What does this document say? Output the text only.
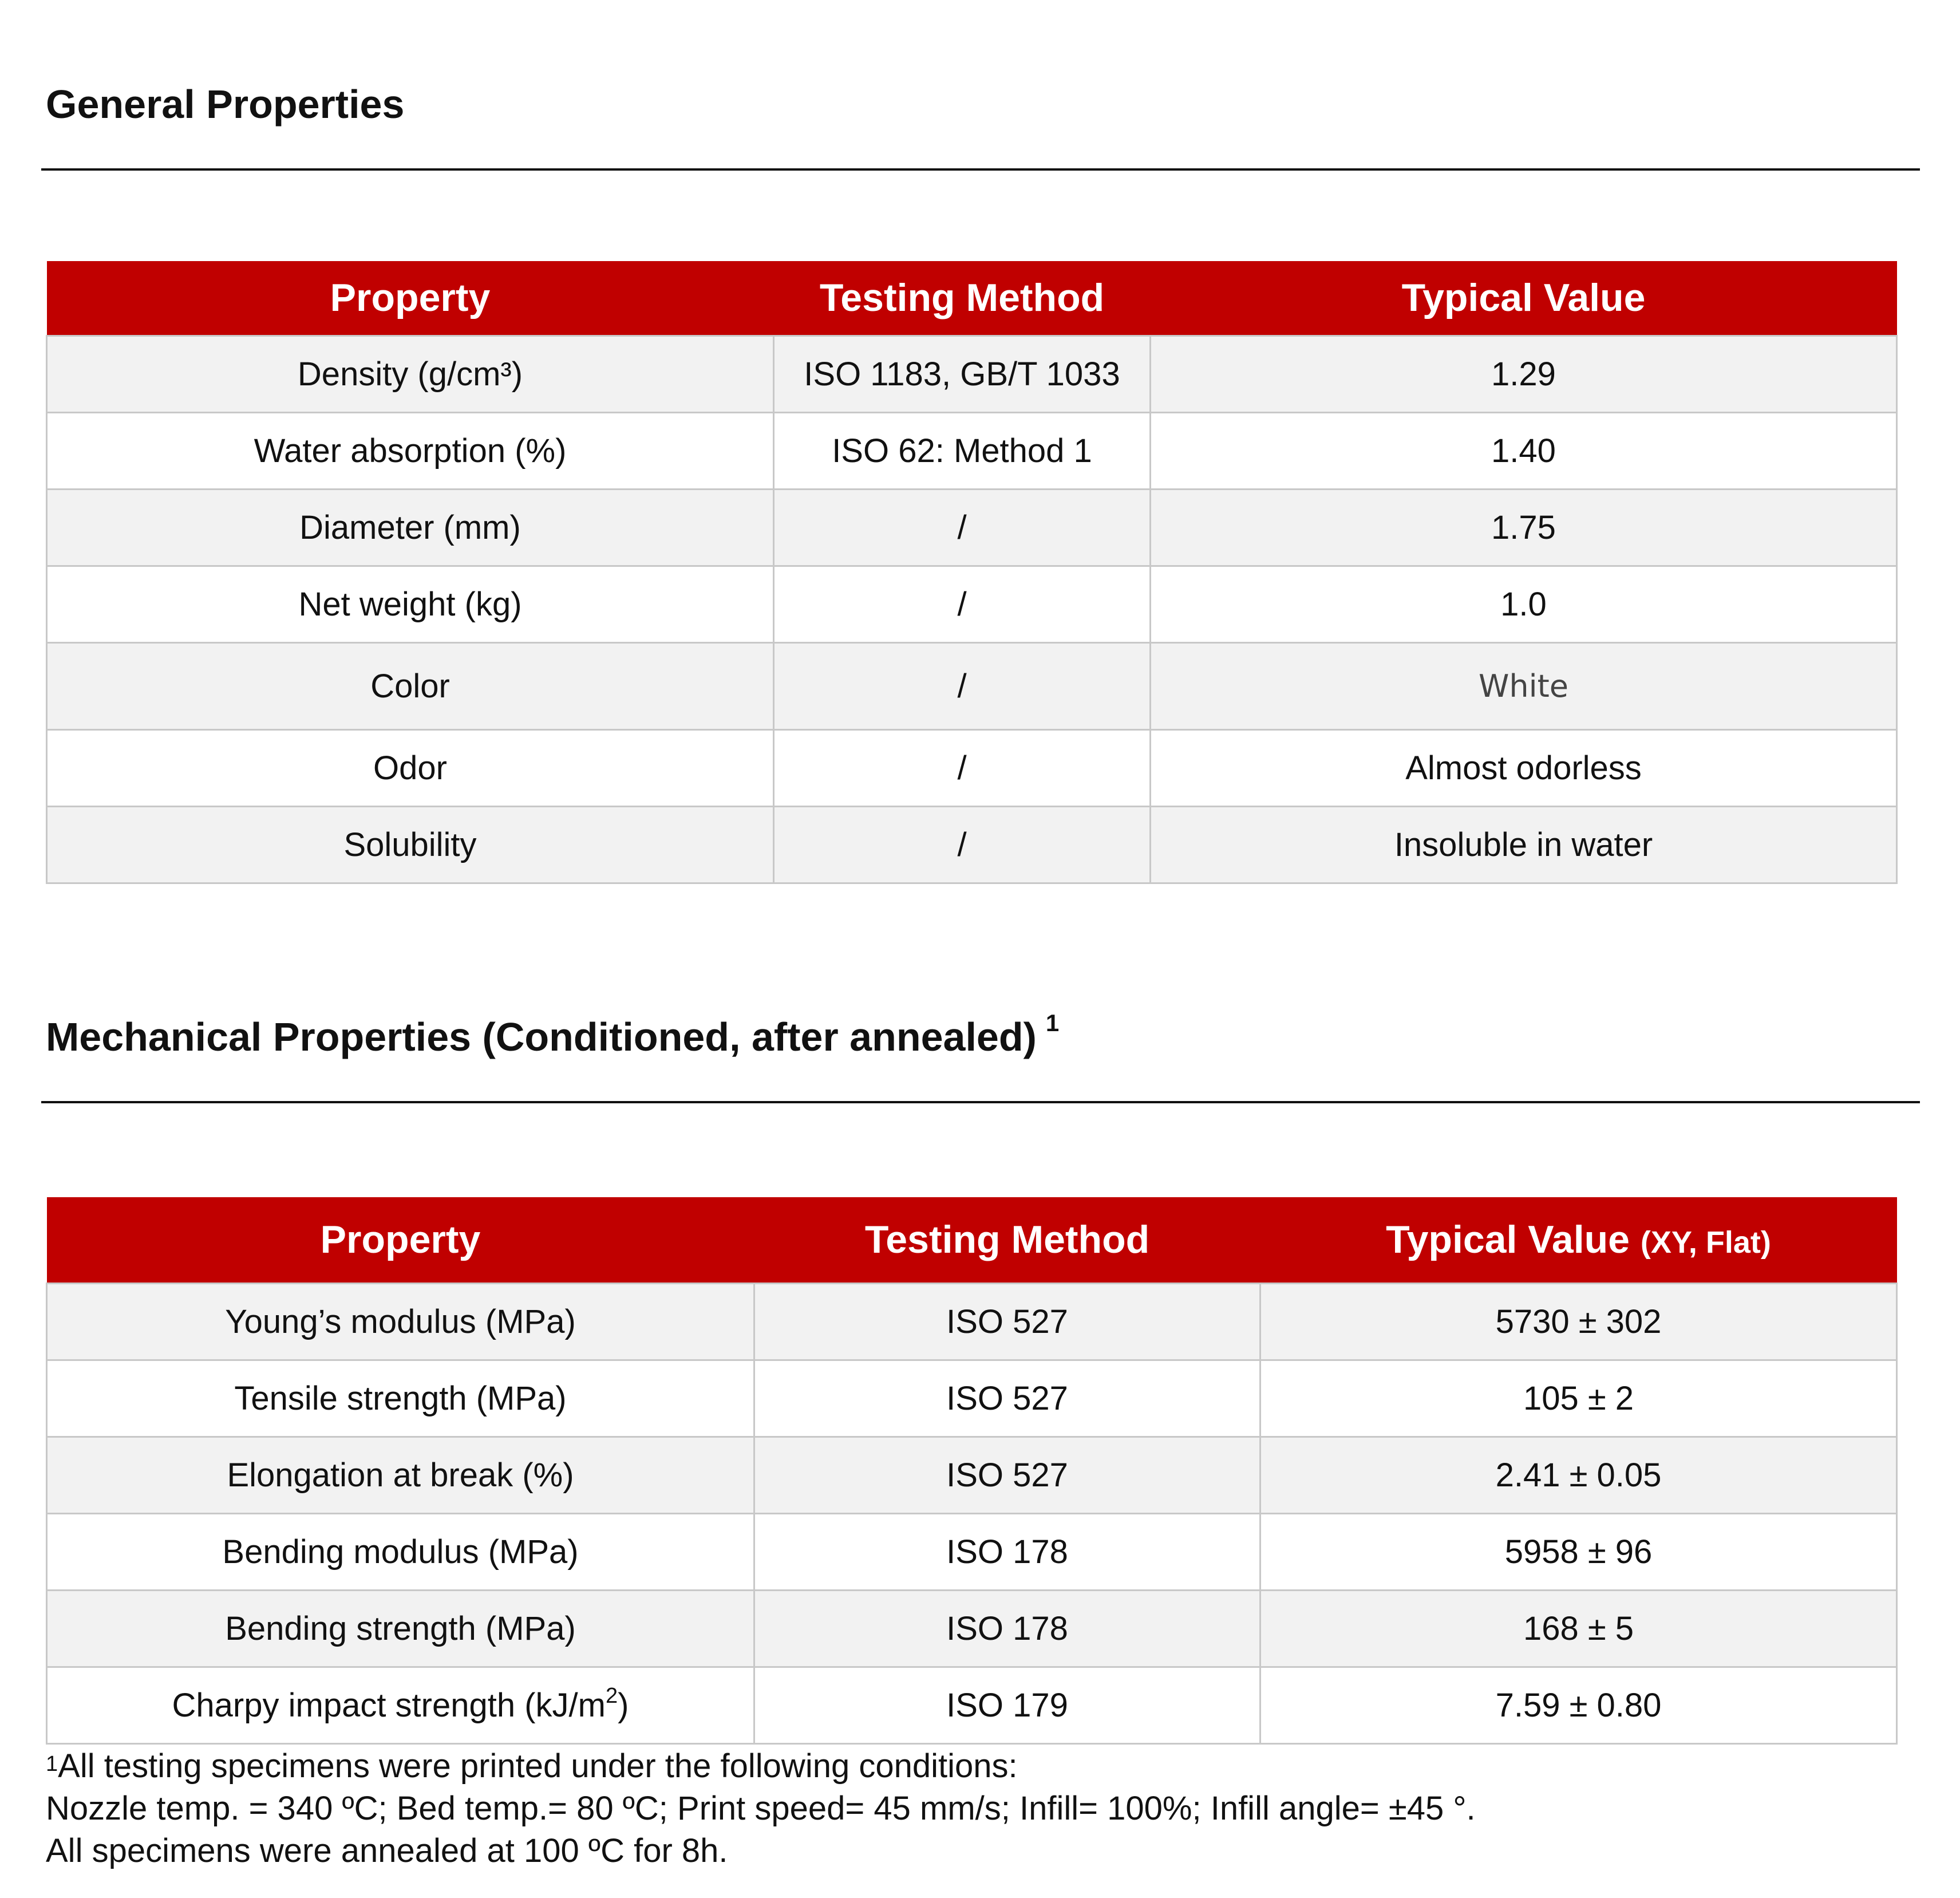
General Properties
Property	Testing Method	Typical Value
Density (g/cm³)	ISO 1183, GB/T 1033	1.29
Water absorption (%)	ISO 62: Method 1	1.40
Diameter (mm)	/	1.75
Net weight (kg)	/	1.0
Color	/	White
Odor	/	Almost odorless
Solubility	/	Insoluble in water
Mechanical Properties (Conditioned, after annealed) $^1$
Property	Testing Method	Typical Value (XY, Flat)
Young’s modulus (MPa)	ISO 527	5730 ± 302
Tensile strength (MPa)	ISO 527	105 ± 2
Elongation at break (%)	ISO 527	2.41 ± 0.05
Bending modulus (MPa)	ISO 178	5958 ± 96
Bending strength (MPa)	ISO 178	168 ± 5
Charpy impact strength $(kJ/m^2)$	ISO 179	7.59 ± 0.80
$^1$All testing specimens were printed under the following conditions:
Nozzle temp. = 340 ºC; Bed temp.= 80 ºC; Print speed= 45 mm/s; Infill= 100%; Infill angle= ±45 °.
All specimens were annealed at 100 ºC for 8h.
